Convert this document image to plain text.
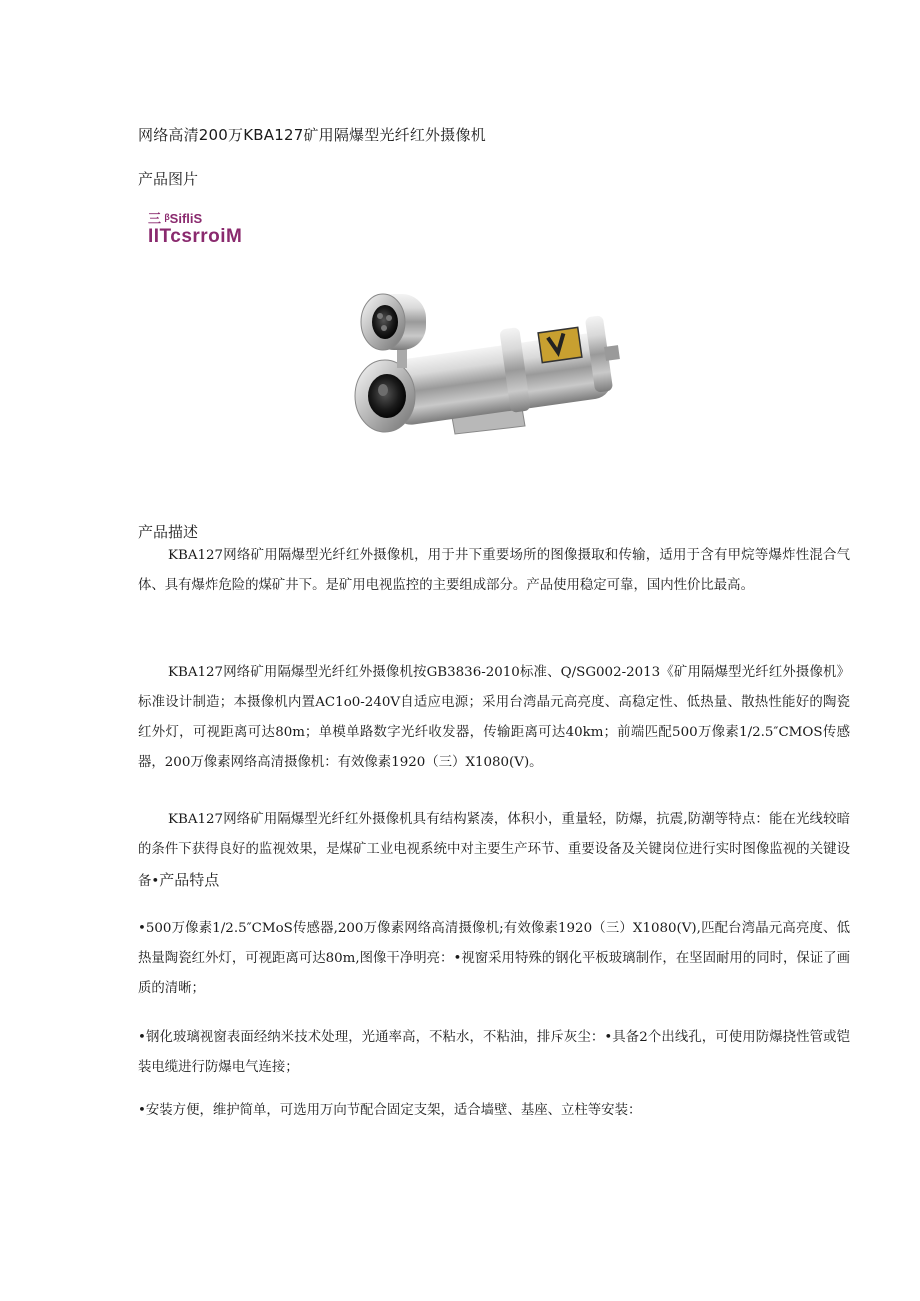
网络高清200万KBA127矿用隔爆型光纤红外摄像机
产品图片
三 ᵝSifliS
IITcsrroiM
产品描述

KBA127网络矿用隔爆型光纤红外摄像机，用于井下重要场所的图像摄取和传输，适用于含有甲烷等爆炸性混合气体、具有爆炸危险的煤矿井下。是矿用电视监控的主要组成部分。产品使用稳定可靠，国内性价比最高。

KBA127网络矿用隔爆型光纤红外摄像机按GB3836-2010标准、Q/SG002-2013《矿用隔爆型光纤红外摄像机》标准设计制造；本摄像机内置AC1o0-240V自适应电源；采用台湾晶元高亮度、高稳定性、低热量、散热性能好的陶瓷红外灯，可视距离可达80m；单模单路数字光纤收发器，传输距离可达40km；前端匹配500万像素1/2.5″CMOS传感器，200万像素网络高清摄像机：有效像素1920（三）X1080(V)。

KBA127网络矿用隔爆型光纤红外摄像机具有结构紧凑，体积小，重量轻，防爆，抗震,防潮等特点：能在光线较暗的条件下获得良好的监视效果，是煤矿工业电视系统中对主要生产环节、重要设备及关键岗位进行实时图像监视的关键设备•产品特点

•500万像素1/2.5″CMoS传感器,200万像素网络高清摄像机;有效像素1920（三）X1080(V),匹配台湾晶元高亮度、低热量陶瓷红外灯，可视距离可达80m,图像干净明亮：•视窗采用特殊的钢化平板玻璃制作，在坚固耐用的同时，保证了画质的清晰；

•钢化玻璃视窗表面经纳米技术处理，光通率高，不粘水，不粘油，排斥灰尘：•具备2个出线孔，可使用防爆挠性管或铠装电缆进行防爆电气连接；

•安装方便，维护简单，可选用万向节配合固定支架，适合墙壁、基座、立柱等安装：
